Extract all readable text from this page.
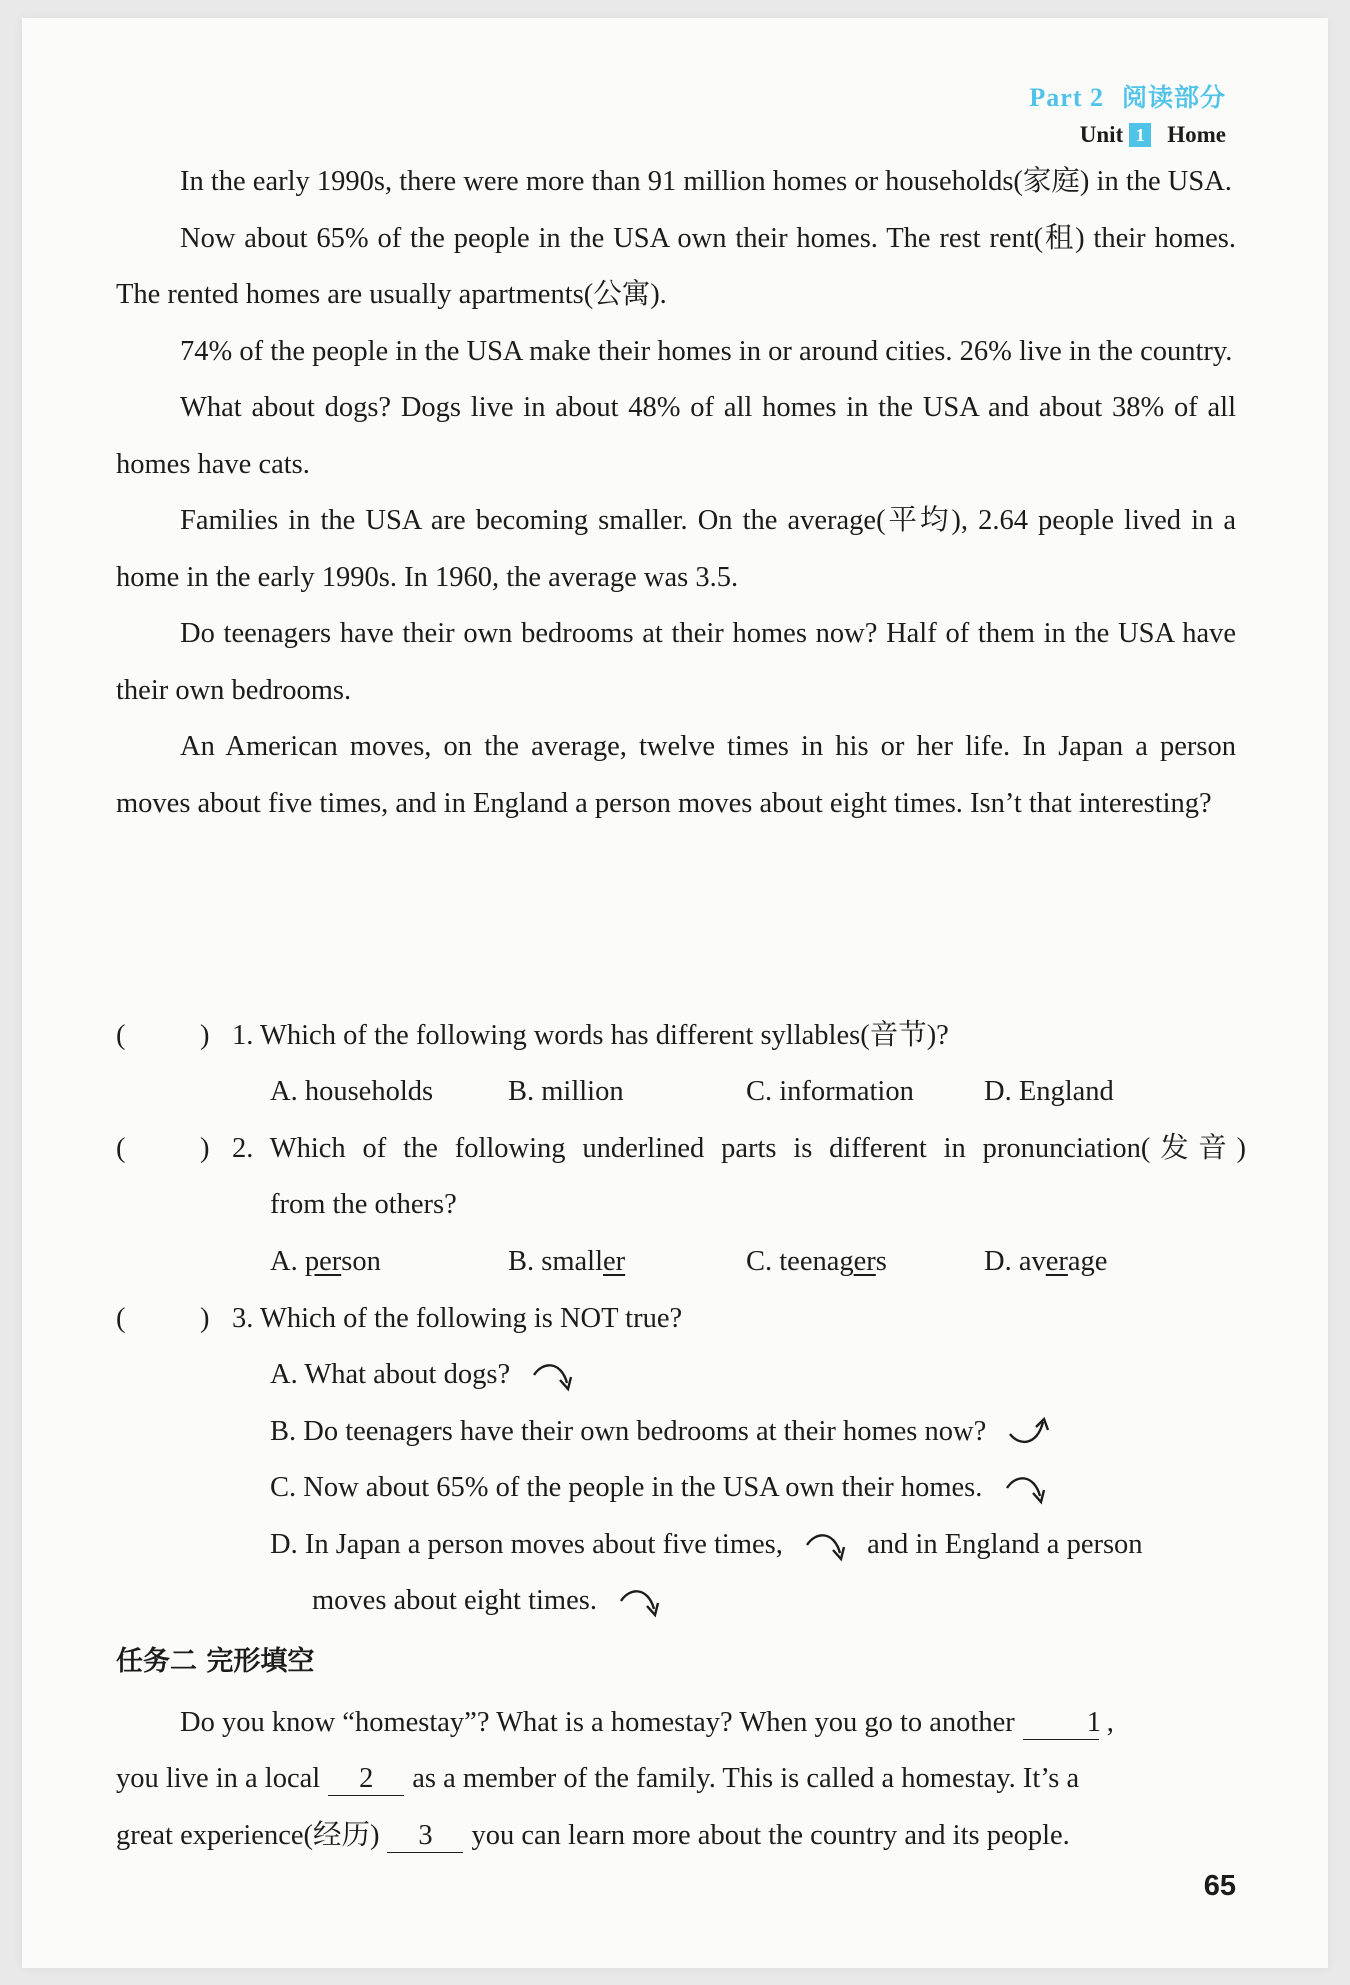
Part 2 阅读部分
Unit 1 Home

In the early 1990s, there were more than 91 million homes or households(家庭) in the USA.

Now about 65% of the people in the USA own their homes. The rest rent(租) their homes. The rented homes are usually apartments(公寓).

74% of the people in the USA make their homes in or around cities. 26% live in the country.

What about dogs? Dogs live in about 48% of all homes in the USA and about 38% of all homes have cats.

Families in the USA are becoming smaller. On the average(平均), 2.64 people lived in a home in the early 1990s. In 1960, the average was 3.5.

Do teenagers have their own bedrooms at their homes now? Half of them in the USA have their own bedrooms.

An American moves, on the average, twelve times in his or her life. In Japan a person moves about five times, and in England a person moves about eight times. Isn’t that interesting?

(	) 1. Which of the following words has different syllables(音节)?
A. households	B. million	C. information	D. England
(	) 2. Which of the following underlined parts is different in pronunciation(发音)
from the others?
A. person	B. smaller	C. teenagers	D. average
(	) 3. Which of the following is NOT true?
A. What about dogs?
B. Do teenagers have their own bedrooms at their homes now?
C. Now about 65% of the people in the USA own their homes.
D. In Japan a person moves about five times,	and in England a person
moves about eight times.
任务二 完形填空
Do you know “homestay”? What is a homestay? When you go to another	1 ,
you live in a local 2 as a member of the family. This is called a homestay. It’s a
great experience(经历) 3 you can learn more about the country and its people.
65
